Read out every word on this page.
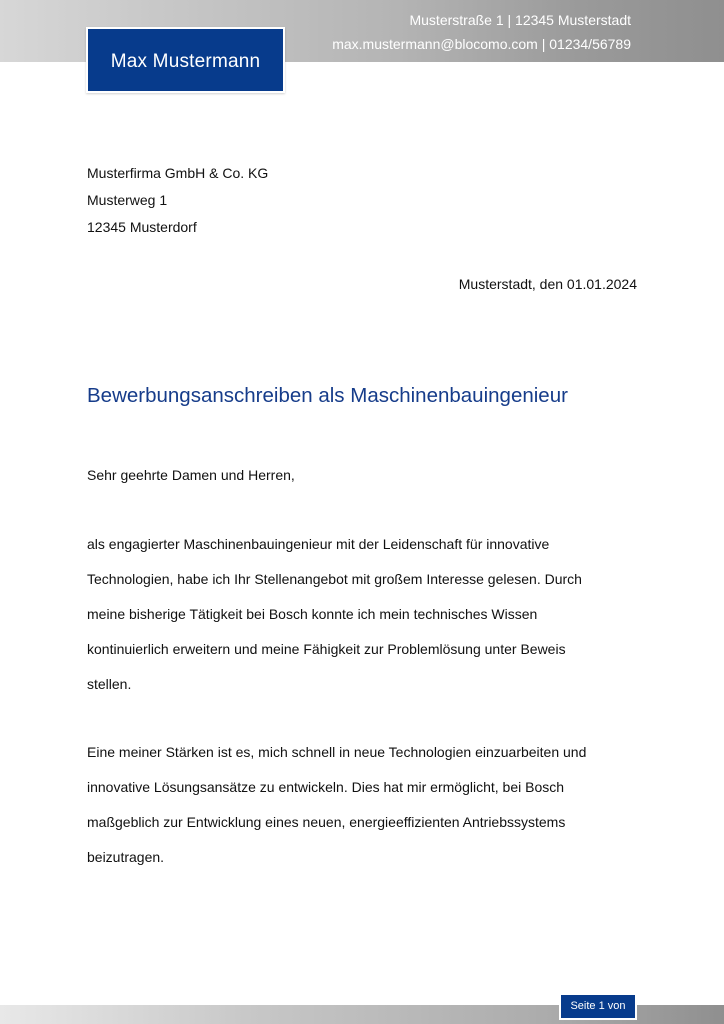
Musterstraße 1 | 12345 Musterstadt
max.mustermann@blocomo.com | 01234/56789
Max Mustermann
Musterfirma GmbH & Co. KG
Musterweg 1
12345 Musterdorf
Musterstadt, den 01.01.2024
Bewerbungsanschreiben als Maschinenbauingenieur
Sehr geehrte Damen und Herren,
als engagierter Maschinenbauingenieur mit der Leidenschaft für innovative
Technologien, habe ich Ihr Stellenangebot mit großem Interesse gelesen. Durch
meine bisherige Tätigkeit bei Bosch konnte ich mein technisches Wissen
kontinuierlich erweitern und meine Fähigkeit zur Problemlösung unter Beweis
stellen.
Eine meiner Stärken ist es, mich schnell in neue Technologien einzuarbeiten und
innovative Lösungsansätze zu entwickeln. Dies hat mir ermöglicht, bei Bosch
maßgeblich zur Entwicklung eines neuen, energieeffizienten Antriebssystems
beizutragen.
Seite 1 von
